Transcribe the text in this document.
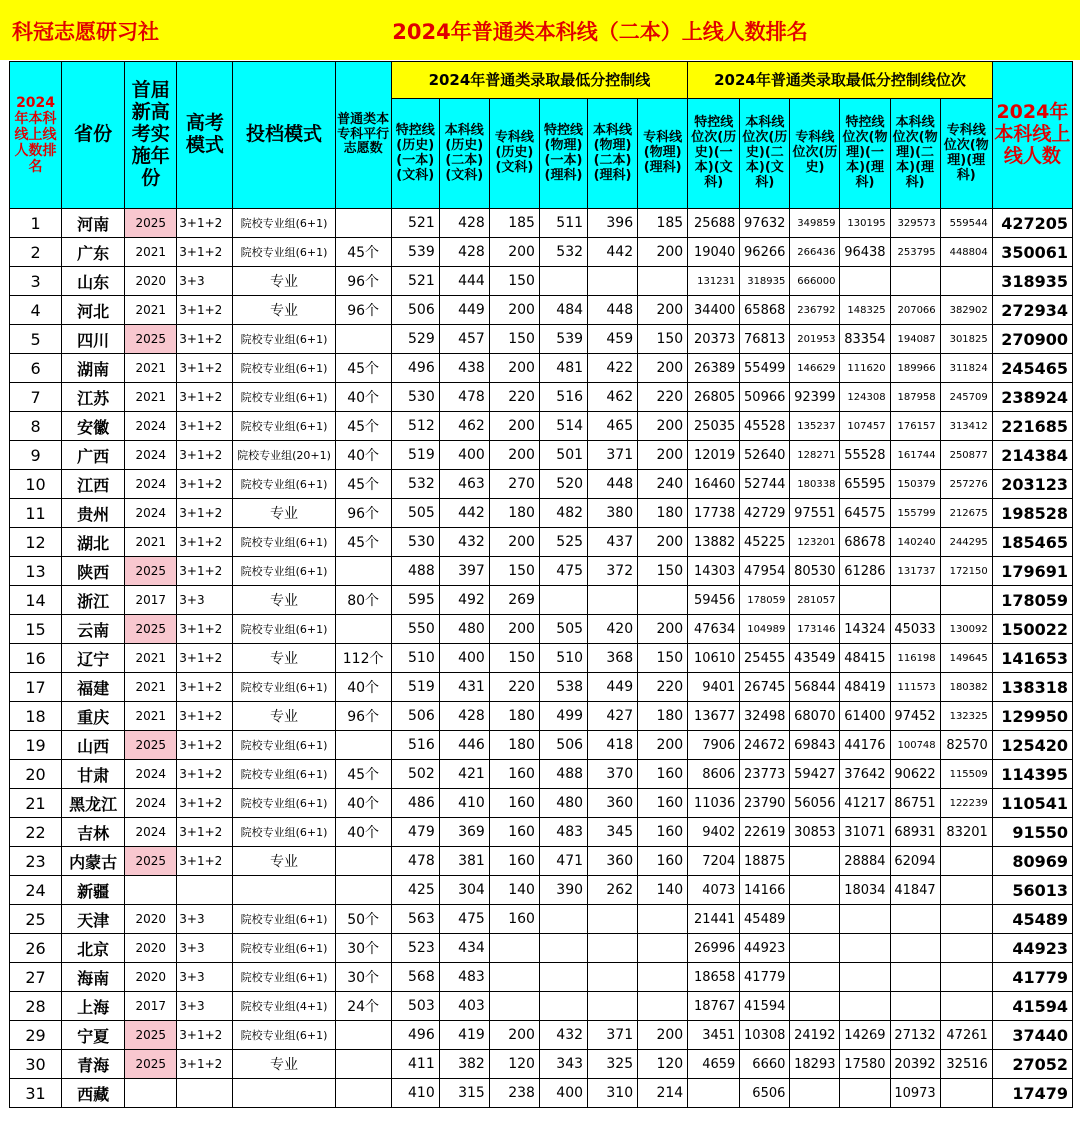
科冠志愿研习社	2024年普通类本科线（二本）上线人数排名
2024年本科线上线人数排名	省份	首届新高考实施年份	高考模式	投档模式	普通类本专科平行志愿数	2024年普通类录取最低分控制线						2024年普通类录取最低分控制线位次						2024年本科线上线人数
						特控线(历史)(一本)(文科)	本科线(历史)(二本)(文科)	专科线(历史)(文科)	特控线(物理)(一本)(理科)	本科线(物理)(二本)(理科)	专科线(物理)(理科)	特控线位次(历史)(一本)(文科)	本科线位次(历史)(二本)(文科)	专科线位次(历史)	特控线位次(物理)(一本)(理科)	本科线位次(物理)(二本)(理科)	专科线位次(物理)(理科)	
1	河南	2025	3+1+2	院校专业组(6+1)		521	428	185	511	396	185	25688	97632	349859	130195	329573	559544	427205
2	广东	2021	3+1+2	院校专业组(6+1)	45个	539	428	200	532	442	200	19040	96266	266436	96438	253795	448804	350061
3	山东	2020	3+3	专业	96个	521	444	150				131231	318935	666000				318935
4	河北	2021	3+1+2	专业	96个	506	449	200	484	448	200	34400	65868	236792	148325	207066	382902	272934
5	四川	2025	3+1+2	院校专业组(6+1)		529	457	150	539	459	150	20373	76813	201953	83354	194087	301825	270900
6	湖南	2021	3+1+2	院校专业组(6+1)	45个	496	438	200	481	422	200	26389	55499	146629	111620	189966	311824	245465
7	江苏	2021	3+1+2	院校专业组(6+1)	40个	530	478	220	516	462	220	26805	50966	92399	124308	187958	245709	238924
8	安徽	2024	3+1+2	院校专业组(6+1)	45个	512	462	200	514	465	200	25035	45528	135237	107457	176157	313412	221685
9	广西	2024	3+1+2	院校专业组(20+1)	40个	519	400	200	501	371	200	12019	52640	128271	55528	161744	250877	214384
10	江西	2024	3+1+2	院校专业组(6+1)	45个	532	463	270	520	448	240	16460	52744	180338	65595	150379	257276	203123
11	贵州	2024	3+1+2	专业	96个	505	442	180	482	380	180	17738	42729	97551	64575	155799	212675	198528
12	湖北	2021	3+1+2	院校专业组(6+1)	45个	530	432	200	525	437	200	13882	45225	123201	68678	140240	244295	185465
13	陕西	2025	3+1+2	院校专业组(6+1)		488	397	150	475	372	150	14303	47954	80530	61286	131737	172150	179691
14	浙江	2017	3+3	专业	80个	595	492	269				59456	178059	281057				178059
15	云南	2025	3+1+2	院校专业组(6+1)		550	480	200	505	420	200	47634	104989	173146	14324	45033	130092	150022
16	辽宁	2021	3+1+2	专业	112个	510	400	150	510	368	150	10610	25455	43549	48415	116198	149645	141653
17	福建	2021	3+1+2	院校专业组(6+1)	40个	519	431	220	538	449	220	9401	26745	56844	48419	111573	180382	138318
18	重庆	2021	3+1+2	专业	96个	506	428	180	499	427	180	13677	32498	68070	61400	97452	132325	129950
19	山西	2025	3+1+2	院校专业组(6+1)		516	446	180	506	418	200	7906	24672	69843	44176	100748	82570	125420
20	甘肃	2024	3+1+2	院校专业组(6+1)	45个	502	421	160	488	370	160	8606	23773	59427	37642	90622	115509	114395
21	黑龙江	2024	3+1+2	院校专业组(6+1)	40个	486	410	160	480	360	160	11036	23790	56056	41217	86751	122239	110541
22	吉林	2024	3+1+2	院校专业组(6+1)	40个	479	369	160	483	345	160	9402	22619	30853	31071	68931	83201	91550
23	内蒙古	2025	3+1+2	专业		478	381	160	471	360	160	7204	18875		28884	62094		80969
24	新疆					425	304	140	390	262	140	4073	14166		18034	41847		56013
25	天津	2020	3+3	院校专业组(6+1)	50个	563	475	160				21441	45489					45489
26	北京	2020	3+3	院校专业组(6+1)	30个	523	434					26996	44923					44923
27	海南	2020	3+3	院校专业组(6+1)	30个	568	483					18658	41779					41779
28	上海	2017	3+3	院校专业组(4+1)	24个	503	403					18767	41594					41594
29	宁夏	2025	3+1+2	院校专业组(6+1)		496	419	200	432	371	200	3451	10308	24192	14269	27132	47261	37440
30	青海	2025	3+1+2	专业		411	382	120	343	325	120	4659	6660	18293	17580	20392	32516	27052
31	西藏					410	315	238	400	310	214		6506			10973		17479
